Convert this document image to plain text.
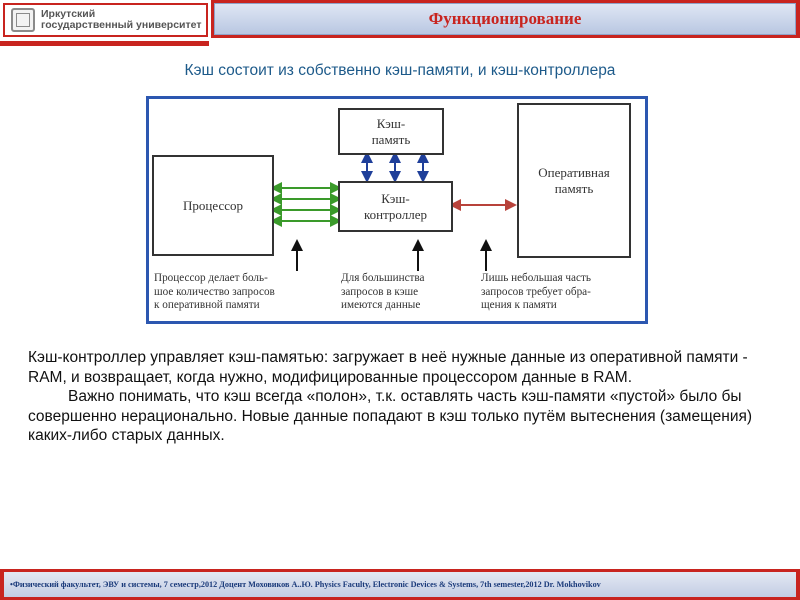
Иркутский
государственный университет	Функционирование
Кэш состоит из собственно кэш-памяти, и кэш-контроллера
Кэш-
память
Кэш-
контроллер
Процессор
Оперативная
память
Процессор делает боль-
шое количество запросов
к оперативной памяти
Для большинства
запросов в кэше
имеются данные
Лишь небольшая часть
запросов требует обра-
щения к памяти

Кэш-контроллер управляет кэш-памятью: загружает в неё нужные данные из оперативной памяти - RAM, и возвращает, когда нужно, модифицированные процессором данные в RAM.

Важно понимать, что кэш всегда «полон», т.к. оставлять часть кэш-памяти «пустой» было бы совершенно нерационально. Новые данные попадают в кэш только путём вытеснения (замещения) каких-либо старых данных.

•Физический факультет, ЭВУ и системы, 7 семестр,2012 Доцент Моховиков А..Ю. Physics Faculty, Electronic Devices & Systems, 7th semester,2012 Dr. Mokhovikov
